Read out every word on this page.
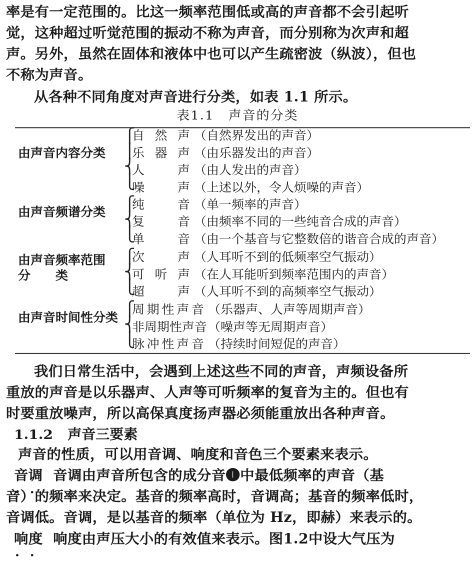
率是有一定范围的。比这一频率范围低或高的声音都不会引起听
觉，这种超过听觉范围的振动不称为声音，而分别称为次声和超
声。另外，虽然在固体和液体中也可以产生疏密波（纵波），但也
不称为声音。
从各种不同角度对声音进行分类，如表 1.1 所示。
表1.1　声音的分类
由声音内容分类
⎧
⎪
⎨
⎩
自然声 （自然界发出的声音）
乐器声 （由乐器发出的声音）
人　声 （由人发出的声音）
噪　声 （上述以外，令人烦噪的声音）
由声音频谱分类	⎧
⎨
⎩
纯　音 （单一频率的声音）
复　音 （由频率不同的一些纯音合成的声音）
单　音 （由一个基音与它整数倍的谐音合成的声音）
由声音频率范围分　　类
⎧
⎨
⎩
次　声 （人耳听不到的低频率空气振动）
可听声 （在人耳能听到频率范围内的声音）
超　声 （人耳听不到的高频率空气振动）
由声音时间性分类 ⎧
⎨
⎩
周期性声音 （乐器声、人声等周期声音）
非周期性声音（噪声等无周期声音）
脉冲性声音 （持续时间短促的声音）
我们日常生活中，会遇到上述这些不同的声音，声频设备所
重放的声音是以乐器声、人声等可听频率的复音为主的。但也有
时要重放噪声，所以高保真度扬声器必须能重放出各种声音。
1.1.2 声音三要素
声音的性质，可以用音调、响度和音色三个要素来表示。
音调 • • 音调由声音所包含的成分音❶中最低频率的声音（基
音）的频率来决定。基音的频率高时，音调高；基音的频率低时，
音调低。音调，是以基音的频率（单位为 Hz，即赫）来表示的。
响度 • • 响度由声压大小的有效值来表示。图1.2中设大气压为
